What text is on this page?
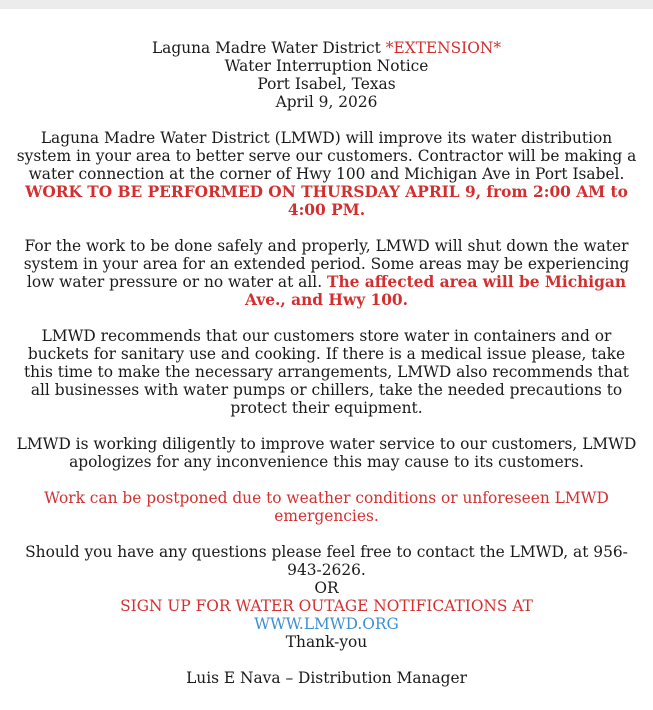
Laguna Madre Water District *EXTENSION*
Water Interruption Notice
Port Isabel, Texas
April 9, 2026
Laguna Madre Water District (LMWD) will improve its water distribution system in your area to better serve our customers. Contractor will be making a water connection at the corner of Hwy 100 and Michigan Ave in Port Isabel. WORK TO BE PERFORMED ON THURSDAY APRIL 9, from 2:00 AM to 4:00 PM.
For the work to be done safely and properly, LMWD will shut down the water system in your area for an extended period. Some areas may be experiencing low water pressure or no water at all. The affected area will be Michigan Ave., and Hwy 100.
LMWD recommends that our customers store water in containers and or buckets for sanitary use and cooking. If there is a medical issue please, take this time to make the necessary arrangements, LMWD also recommends that all businesses with water pumps or chillers, take the needed precautions to protect their equipment.
LMWD is working diligently to improve water service to our customers, LMWD apologizes for any inconvenience this may cause to its customers.
Work can be postponed due to weather conditions or unforeseen LMWD emergencies.
Should you have any questions please feel free to contact the LMWD, at 956-943-2626.
OR
SIGN UP FOR WATER OUTAGE NOTIFICATIONS AT
WWW.LMWD.ORG
Thank-you
Luis E Nava – Distribution Manager
